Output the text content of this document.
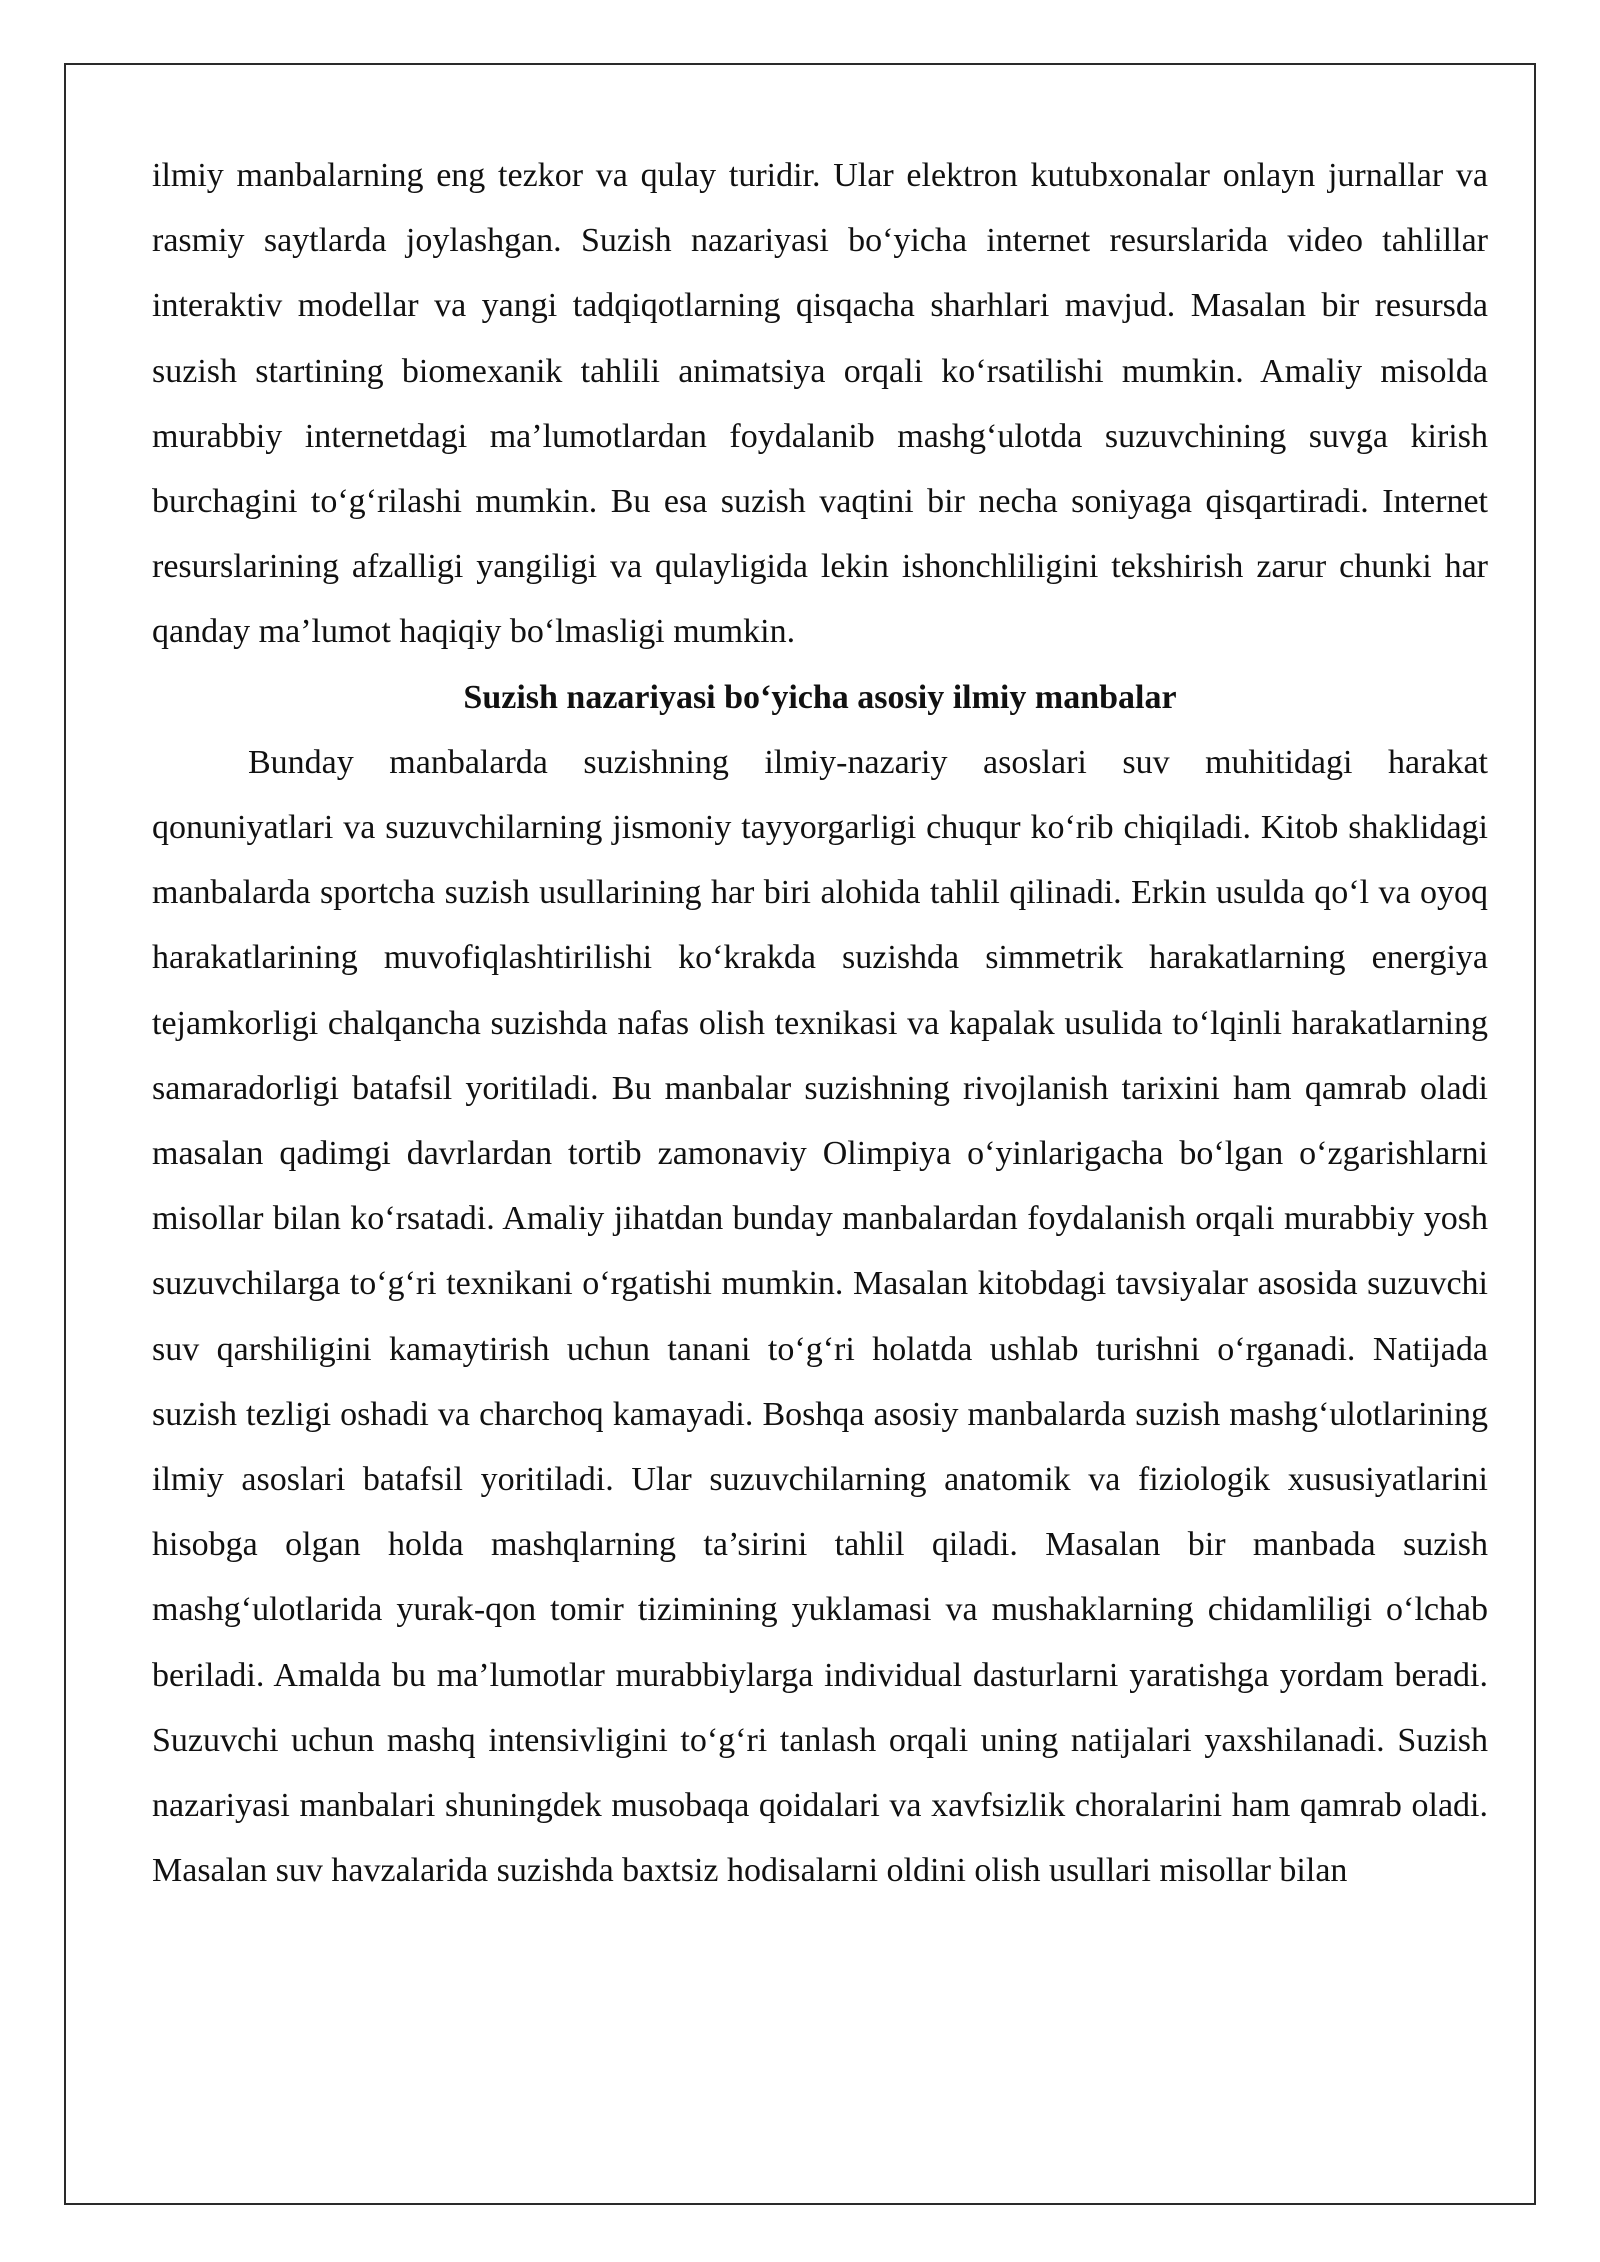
ilmiy manbalarning eng tezkor va qulay turidir. Ular elektron kutubxonalar onlayn jurnallar va rasmiy saytlarda joylashgan. Suzish nazariyasi bo‘yicha internet resurslarida video tahlillar interaktiv modellar va yangi tadqiqotlarning qisqacha sharhlari mavjud. Masalan bir resursda suzish startining biomexanik tahlili animatsiya orqali ko‘rsatilishi mumkin. Amaliy misolda murabbiy internetdagi ma’lumotlardan foydalanib mashg‘ulotda suzuvchining suvga kirish burchagini to‘g‘rilashi mumkin. Bu esa suzish vaqtini bir necha soniyaga qisqartiradi. Internet resurslarining afzalligi yangiligi va qulayligida lekin ishonchliligini tekshirish zarur chunki har qanday ma’lumot haqiqiy bo‘lmasligi mumkin.

Suzish nazariyasi bo‘yicha asosiy ilmiy manbalar

Bunday manbalarda suzishning ilmiy-nazariy asoslari suv muhitidagi harakat qonuniyatlari va suzuvchilarning jismoniy tayyorgarligi chuqur ko‘rib chiqiladi. Kitob shaklidagi manbalarda sportcha suzish usullarining har biri alohida tahlil qilinadi. Erkin usulda qo‘l va oyoq harakatlarining muvofiqlashtirilishi ko‘krakda suzishda simmetrik harakatlarning energiya tejamkorligi chalqancha suzishda nafas olish texnikasi va kapalak usulida to‘lqinli harakatlarning samaradorligi batafsil yoritiladi. Bu manbalar suzishning rivojlanish tarixini ham qamrab oladi masalan qadimgi davrlardan tortib zamonaviy Olimpiya o‘yinlarigacha bo‘lgan o‘zgarishlarni misollar bilan ko‘rsatadi. Amaliy jihatdan bunday manbalardan foydalanish orqali murabbiy yosh suzuvchilarga to‘g‘ri texnikani o‘rgatishi mumkin. Masalan kitobdagi tavsiyalar asosida suzuvchi suv qarshiligini kamaytirish uchun tanani to‘g‘ri holatda ushlab turishni o‘rganadi. Natijada suzish tezligi oshadi va charchoq kamayadi. Boshqa asosiy manbalarda suzish mashg‘ulotlarining ilmiy asoslari batafsil yoritiladi. Ular suzuvchilarning anatomik va fiziologik xususiyatlarini hisobga olgan holda mashqlarning ta’sirini tahlil qiladi. Masalan bir manbada suzish mashg‘ulotlarida yurak-qon tomir tizimining yuklamasi va mushaklarning chidamliligi o‘lchab beriladi. Amalda bu ma’lumotlar murabbiylarga individual dasturlarni yaratishga yordam beradi. Suzuvchi uchun mashq intensivligini to‘g‘ri tanlash orqali uning natijalari yaxshilanadi. Suzish nazariyasi manbalari shuningdek musobaqa qoidalari va xavfsizlik choralarini ham qamrab oladi. Masalan suv havzalarida suzishda baxtsiz hodisalarni oldini olish usullari misollar bilan
